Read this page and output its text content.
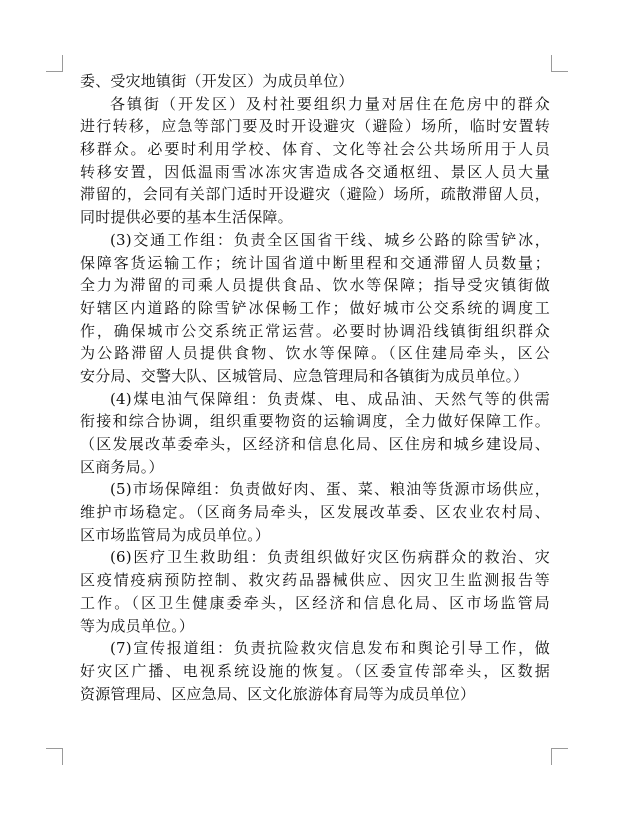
委、受灾地镇街（开发区）为成员单位）
各镇街（开发区）及村社要组织力量对居住在危房中的群众
进行转移，应急等部门要及时开设避灾（避险）场所，临时安置转
移群众。必要时利用学校、体育、文化等社会公共场所用于人员
转移安置，因低温雨雪冰冻灾害造成各交通枢纽、景区人员大量
滞留的，会同有关部门适时开设避灾（避险）场所，疏散滞留人员，
同时提供必要的基本生活保障。
(3)交通工作组：负责全区国省干线、城乡公路的除雪铲冰，
保障客货运输工作；统计国省道中断里程和交通滞留人员数量；
全力为滞留的司乘人员提供食品、饮水等保障；指导受灾镇街做
好辖区内道路的除雪铲冰保畅工作；做好城市公交系统的调度工
作，确保城市公交系统正常运营。必要时协调沿线镇街组织群众
为公路滞留人员提供食物、饮水等保障。（区住建局牵头，区公
安分局、交警大队、区城管局、应急管理局和各镇街为成员单位。）
(4)煤电油气保障组：负责煤、电、成品油、天然气等的供需
衔接和综合协调，组织重要物资的运输调度，全力做好保障工作。
（区发展改革委牵头，区经济和信息化局、区住房和城乡建设局、
区商务局。）
(5)市场保障组：负责做好肉、蛋、菜、粮油等货源市场供应，
维护市场稳定。（区商务局牵头，区发展改革委、区农业农村局、
区市场监管局为成员单位。）
(6)医疗卫生救助组：负责组织做好灾区伤病群众的救治、灾
区疫情疫病预防控制、救灾药品器械供应、因灾卫生监测报告等
工作。（区卫生健康委牵头，区经济和信息化局、区市场监管局
等为成员单位。）
(7)宣传报道组：负责抗险救灾信息发布和舆论引导工作，做
好灾区广播、电视系统设施的恢复。（区委宣传部牵头，区数据
资源管理局、区应急局、区文化旅游体育局等为成员单位）
